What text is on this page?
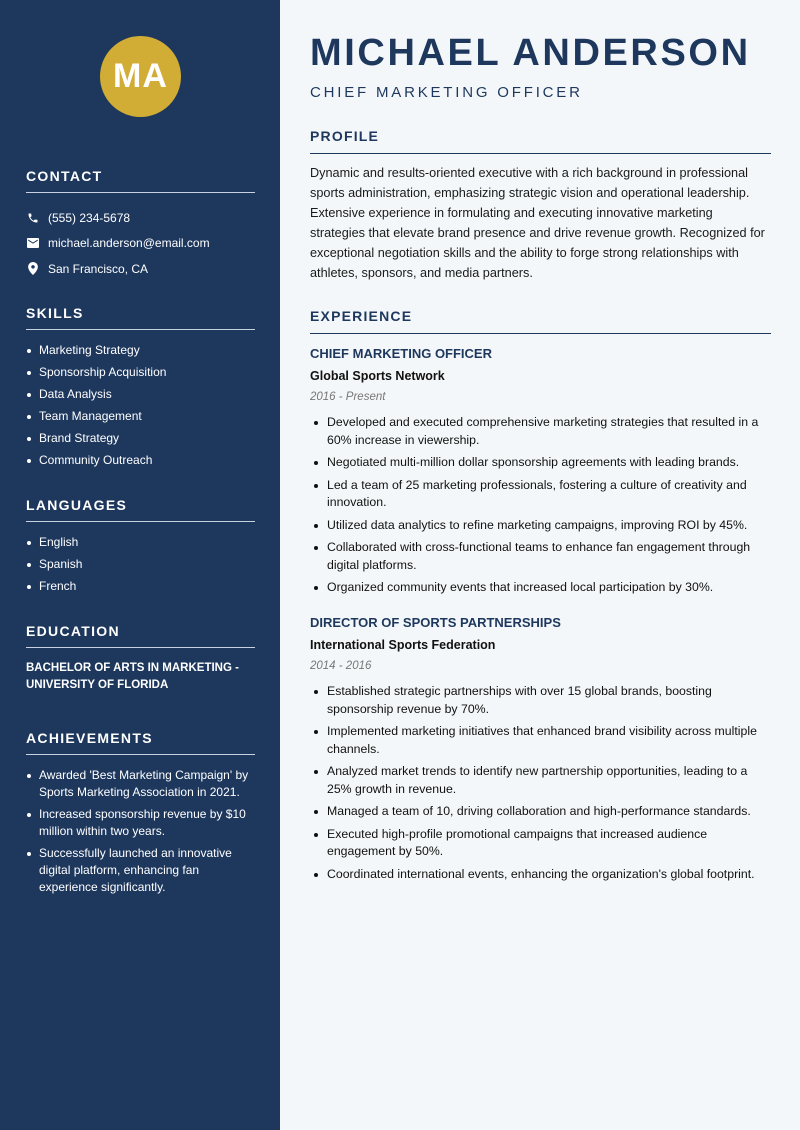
MA
CONTACT
(555) 234-5678
michael.anderson@email.com
San Francisco, CA
SKILLS
Marketing Strategy
Sponsorship Acquisition
Data Analysis
Team Management
Brand Strategy
Community Outreach
LANGUAGES
English
Spanish
French
EDUCATION
BACHELOR OF ARTS IN MARKETING - UNIVERSITY OF FLORIDA
ACHIEVEMENTS
Awarded 'Best Marketing Campaign' by Sports Marketing Association in 2021.
Increased sponsorship revenue by $10 million within two years.
Successfully launched an innovative digital platform, enhancing fan experience significantly.
MICHAEL ANDERSON
CHIEF MARKETING OFFICER
PROFILE

Dynamic and results-oriented executive with a rich background in professional sports administration, emphasizing strategic vision and operational leadership. Extensive experience in formulating and executing innovative marketing strategies that elevate brand presence and drive revenue growth. Recognized for exceptional negotiation skills and the ability to forge strong relationships with athletes, sponsors, and media partners.

EXPERIENCE
CHIEF MARKETING OFFICER
Global Sports Network
2016 - Present
Developed and executed comprehensive marketing strategies that resulted in a 60% increase in viewership.
Negotiated multi-million dollar sponsorship agreements with leading brands.
Led a team of 25 marketing professionals, fostering a culture of creativity and innovation.
Utilized data analytics to refine marketing campaigns, improving ROI by 45%.
Collaborated with cross-functional teams to enhance fan engagement through digital platforms.
Organized community events that increased local participation by 30%.
DIRECTOR OF SPORTS PARTNERSHIPS
International Sports Federation
2014 - 2016
Established strategic partnerships with over 15 global brands, boosting sponsorship revenue by 70%.
Implemented marketing initiatives that enhanced brand visibility across multiple channels.
Analyzed market trends to identify new partnership opportunities, leading to a 25% growth in revenue.
Managed a team of 10, driving collaboration and high-performance standards.
Executed high-profile promotional campaigns that increased audience engagement by 50%.
Coordinated international events, enhancing the organization's global footprint.
